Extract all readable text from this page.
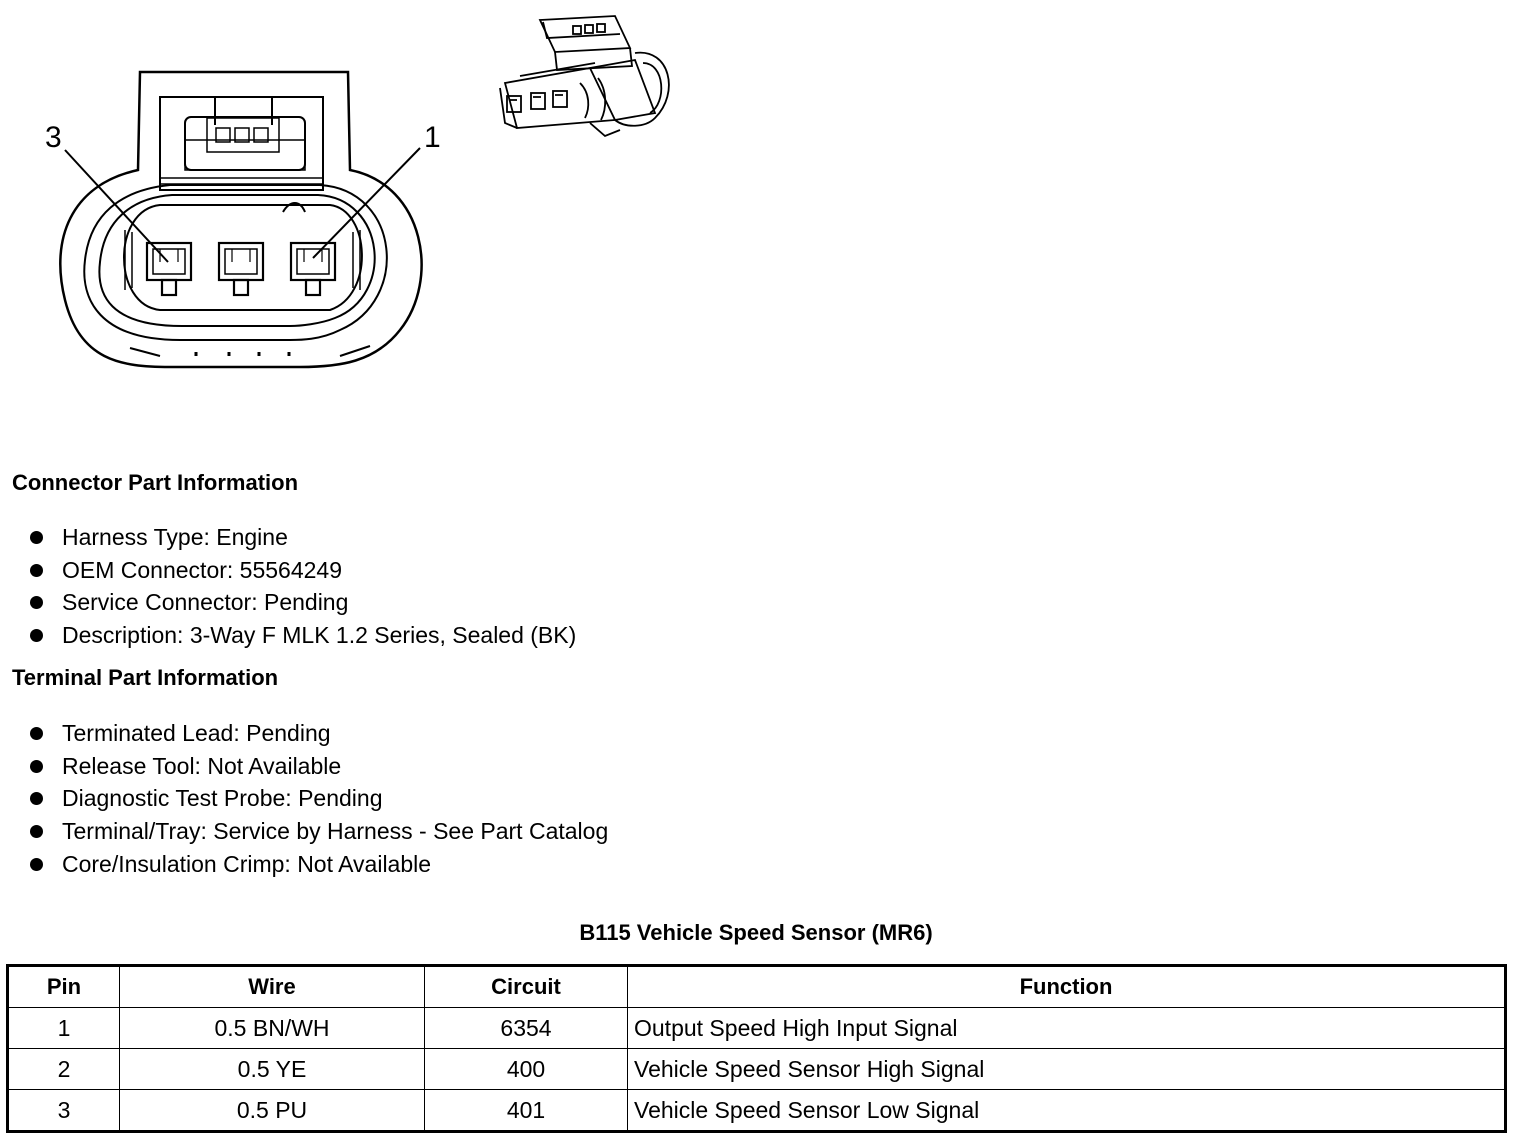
3	1
Connector Part Information
Harness Type: Engine
OEM Connector: 55564249
Service Connector: Pending
Description: 3-Way F MLK 1.2 Series, Sealed (BK)
Terminal Part Information
Terminated Lead: Pending
Release Tool: Not Available
Diagnostic Test Probe: Pending
Terminal/Tray: Service by Harness - See Part Catalog
Core/Insulation Crimp: Not Available
B115 Vehicle Speed Sensor (MR6)
Pin	Wire	Circuit	Function
1	0.5 BN/WH	6354	Output Speed High Input Signal
2	0.5 YE	400	Vehicle Speed Sensor High Signal
3	0.5 PU	401	Vehicle Speed Sensor Low Signal
